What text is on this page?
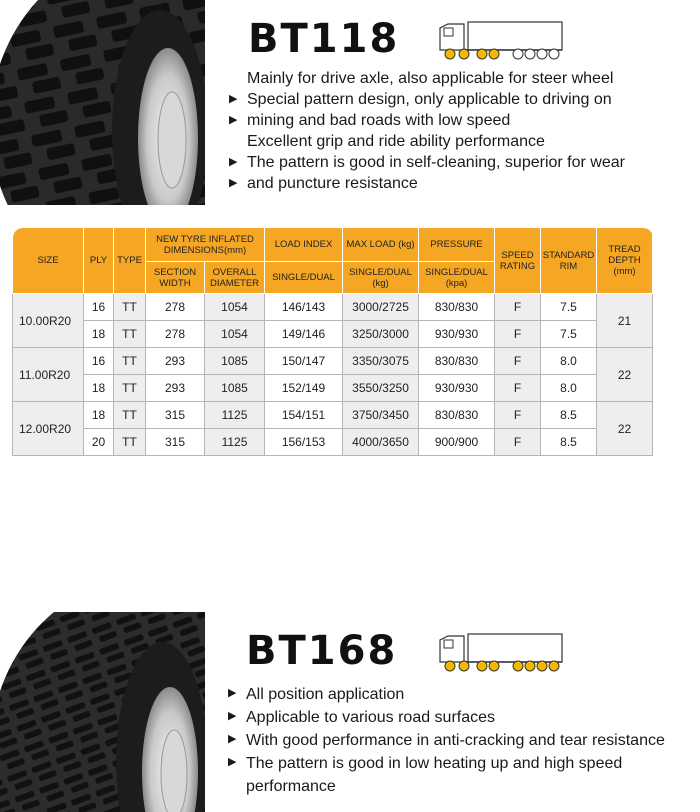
BT118
Mainly for drive axle, also applicable for steer wheel
▶ Special pattern design, only applicable to driving on
▶ mining and bad roads with low speed
Excellent grip and ride ability performance
▶ The pattern is good in self-cleaning, superior for wear
▶ and puncture resistance
SIZE	PLY	TYPE	NEW TYRE INFLATED DIMENSIONS(mm)		LOAD INDEX	MAX LOAD (kg)	PRESSURE	SPEED RATING	STANDARD RIM	TREAD DEPTH (mm)
			SECTION WIDTH	OVERALL DIAMETER	SINGLE/DUAL	SINGLE/DUAL (kg)	SINGLE/DUAL (kpa)			
10.00R20	16	TT	278	1054	146/143	3000/2725	830/830	F	7.5	21
	18	TT	278	1054	149/146	3250/3000	930/930	F	7.5	
11.00R20	16	TT	293	1085	150/147	3350/3075	830/830	F	8.0	22
	18	TT	293	1085	152/149	3550/3250	930/930	F	8.0	
12.00R20	18	TT	315	1125	154/151	3750/3450	830/830	F	8.5	22
	20	TT	315	1125	156/153	4000/3650	900/900	F	8.5	
BT168
▶ All position application
▶ Applicable to various road surfaces
▶ With good performance in anti-cracking and tear resistance
▶ The pattern is good in low heating up and high speed
performance
